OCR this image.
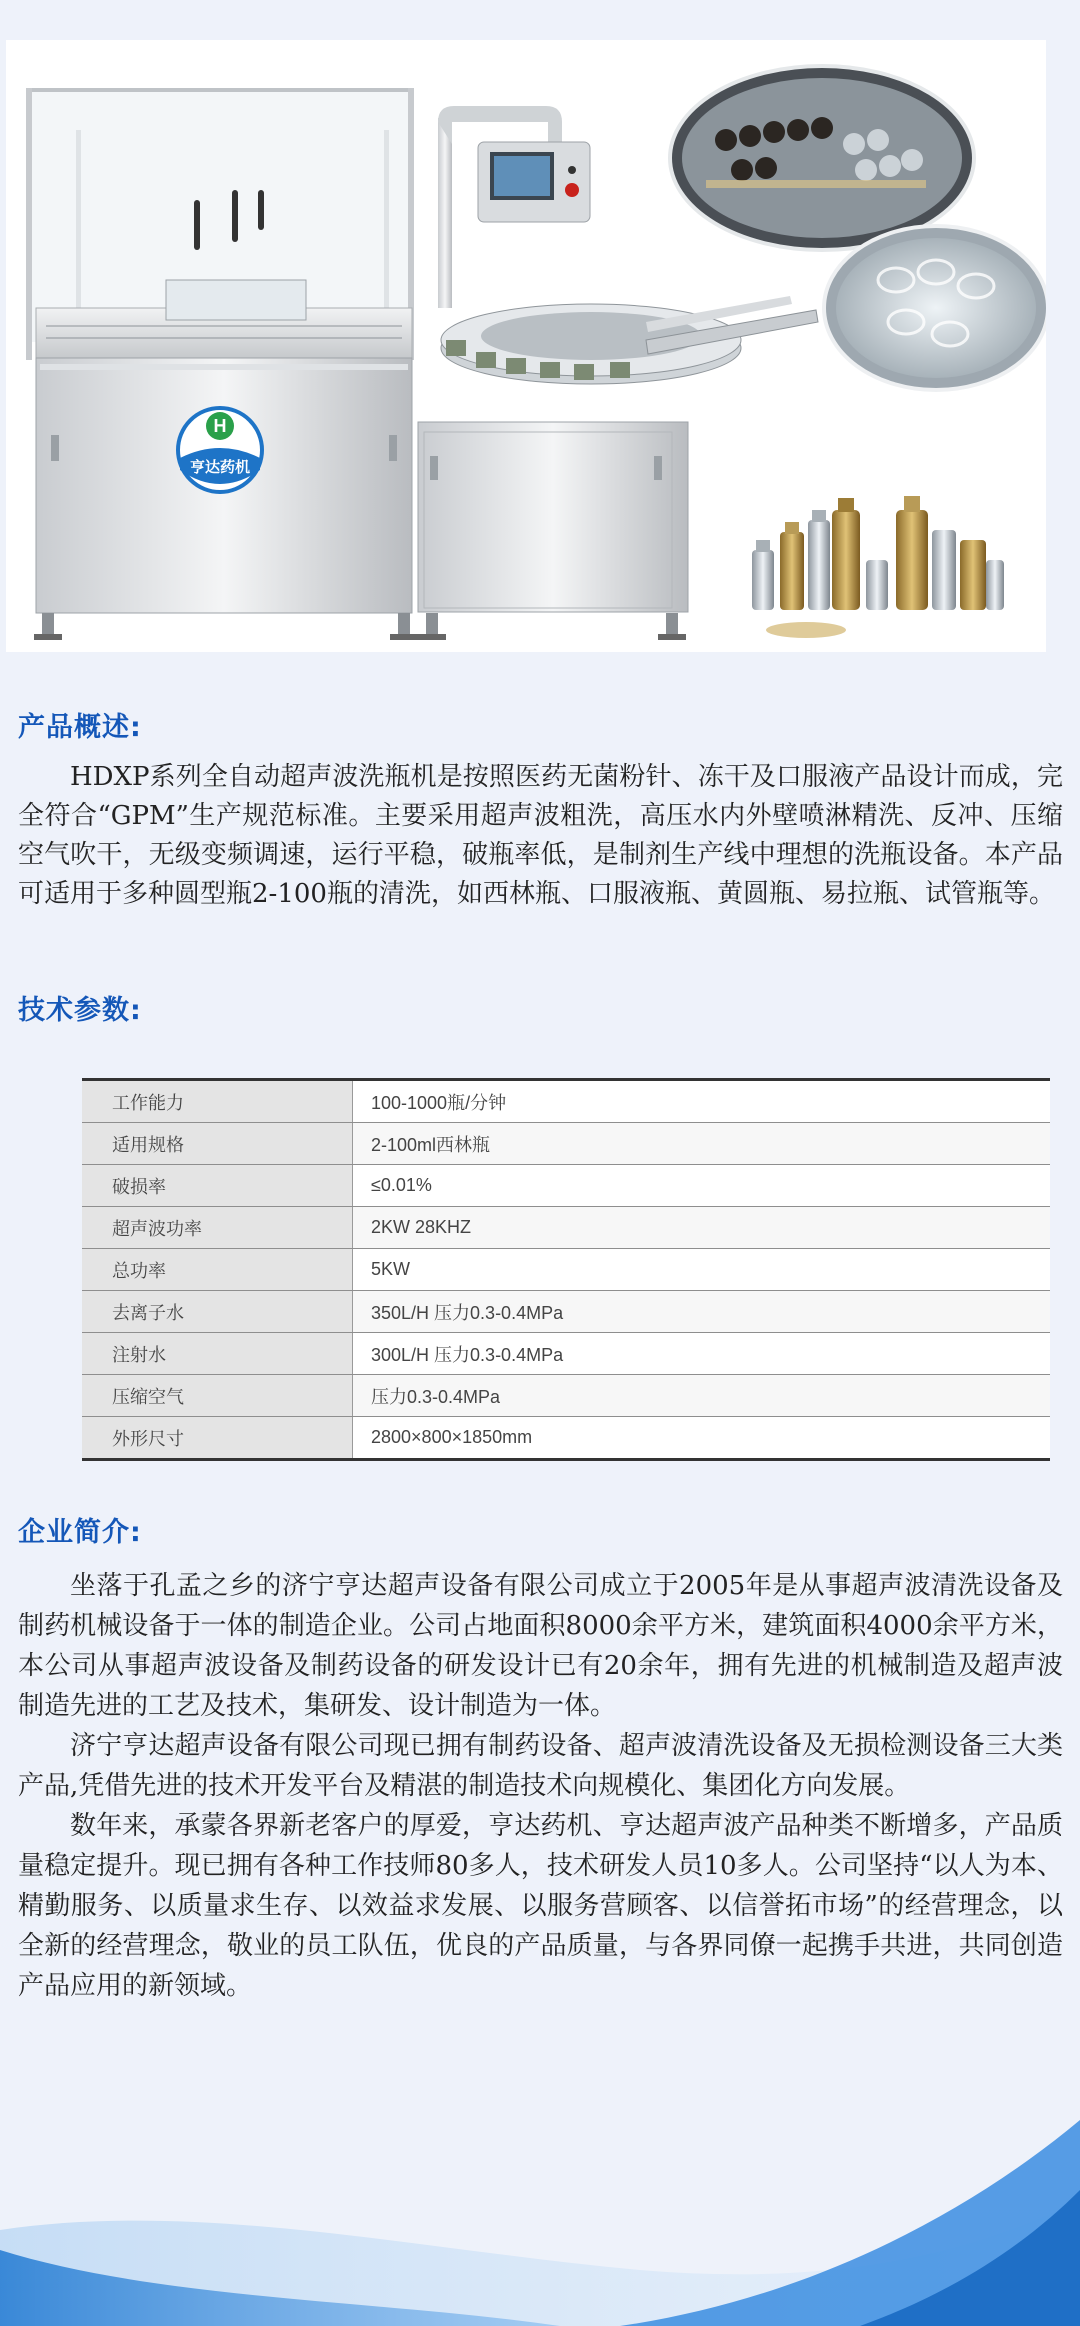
H
亨达药机
产品概述:

HDXP系列全自动超声波洗瓶机是按照医药无菌粉针、冻干及口服液产品设计而成，完全符合“GPM”生产规范标准。主要采用超声波粗洗，高压水内外壁喷淋精洗、反冲、压缩空气吹干，无级变频调速，运行平稳，破瓶率低，是制剂生产线中理想的洗瓶设备。本产品可适用于多种圆型瓶2-100瓶的清洗，如西林瓶、口服液瓶、黄圆瓶、易拉瓶、试管瓶等。

技术参数:
工作能力	100-1000瓶/分钟
适用规格	2-100ml西林瓶
破损率	≤0.01%
超声波功率	2KW 28KHZ
总功率	5KW
去离子水	350L/H 压力0.3-0.4MPa
注射水	300L/H 压力0.3-0.4MPa
压缩空气	压力0.3-0.4MPa
外形尺寸	2800×800×1850mm
企业简介:

坐落于孔孟之乡的济宁亨达超声设备有限公司成立于2005年是从事超声波清洗设备及制药机械设备于一体的制造企业。公司占地面积8000余平方米，建筑面积4000余平方米，本公司从事超声波设备及制药设备的研发设计已有20余年，拥有先进的机械制造及超声波制造先进的工艺及技术，集研发、设计制造为一体。

济宁亨达超声设备有限公司现已拥有制药设备、超声波清洗设备及无损检测设备三大类产品,凭借先进的技术开发平台及精湛的制造技术向规模化、集团化方向发展。

数年来，承蒙各界新老客户的厚爱，亨达药机、亨达超声波产品种类不断增多，产品质量稳定提升。现已拥有各种工作技师80多人，技术研发人员10多人。公司坚持“以人为本、精勤服务、以质量求生存、以效益求发展、以服务营顾客、以信誉拓市场”的经营理念，以全新的经营理念，敬业的员工队伍，优良的产品质量，与各界同僚一起携手共进，共同创造产品应用的新领域。
